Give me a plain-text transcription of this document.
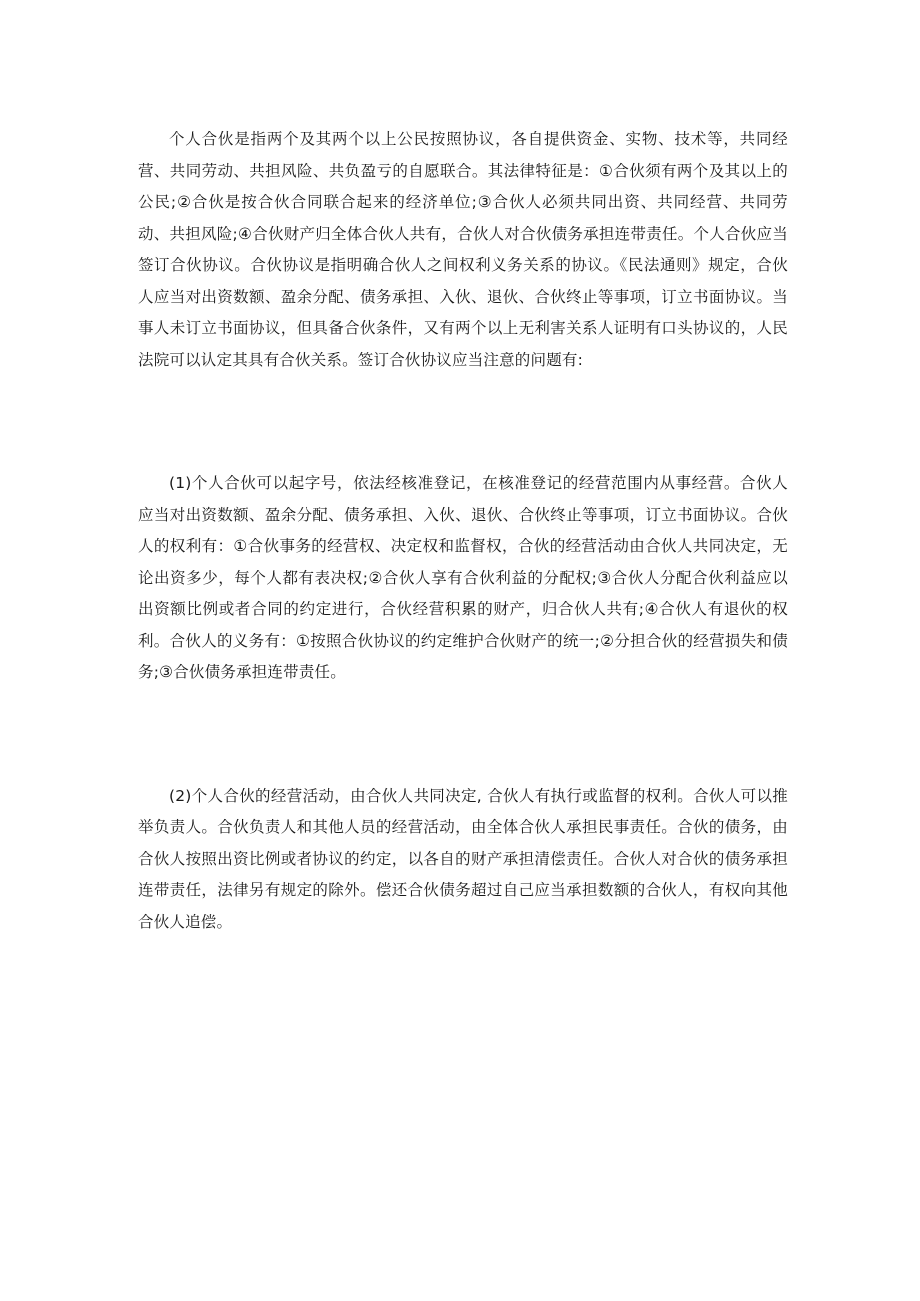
个人合伙是指两个及其两个以上公民按照协议，各自提供资金、实物、技术等，共同经营、共同劳动、共担风险、共负盈亏的自愿联合。其法律特征是：①合伙须有两个及其以上的公民;②合伙是按合伙合同联合起来的经济单位;③合伙人必须共同出资、共同经营、共同劳动、共担风险;④合伙财产归全体合伙人共有，合伙人对合伙债务承担连带责任。个人合伙应当签订合伙协议。合伙协议是指明确合伙人之间权利义务关系的协议。《民法通则》规定，合伙人应当对出资数额、盈余分配、债务承担、入伙、退伙、合伙终止等事项，订立书面协议。当事人未订立书面协议，但具备合伙条件，又有两个以上无利害关系人证明有口头协议的，人民法院可以认定其具有合伙关系。签订合伙协议应当注意的问题有:

(1)个人合伙可以起字号，依法经核准登记，在核准登记的经营范围内从事经营。合伙人应当对出资数额、盈余分配、债务承担、入伙、退伙、合伙终止等事项，订立书面协议。合伙人的权利有：①合伙事务的经营权、决定权和监督权，合伙的经营活动由合伙人共同决定，无论出资多少，每个人都有表决权;②合伙人享有合伙利益的分配权;③合伙人分配合伙利益应以出资额比例或者合同的约定进行，合伙经营积累的财产，归合伙人共有;④合伙人有退伙的权利。合伙人的义务有：①按照合伙协议的约定维护合伙财产的统一;②分担合伙的经营损失和债务;③合伙债务承担连带责任。

(2)个人合伙的经营活动，由合伙人共同决定, 合伙人有执行或监督的权利。合伙人可以推举负责人。合伙负责人和其他人员的经营活动，由全体合伙人承担民事责任。合伙的债务，由合伙人按照出资比例或者协议的约定，以各自的财产承担清偿责任。合伙人对合伙的债务承担连带责任，法律另有规定的除外。偿还合伙债务超过自己应当承担数额的合伙人，有权向其他合伙人追偿。
